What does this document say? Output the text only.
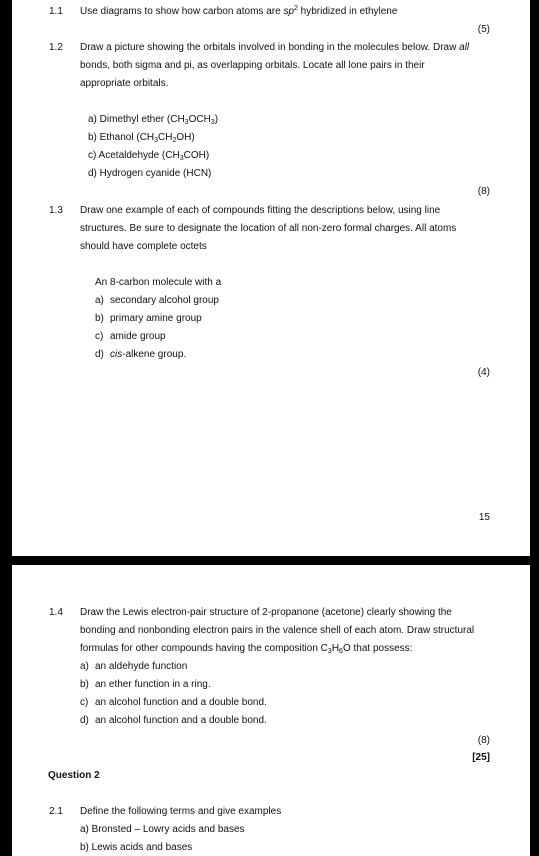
1.1 Use diagrams to show how carbon atoms are $sp^2$ hybridized in ethylene
(5)
1.2 Draw a picture showing the orbitals involved in bonding in the molecules below. Draw all
bonds, both sigma and pi, as overlapping orbitals. Locate all lone pairs in their
appropriate orbitals.
a) Dimethyl ether $(CH_3OCH_3)$
b) Ethanol $(CH_3CH_2OH)$
c) Acetaldehyde $(CH_3COH)$
d) Hydrogen cyanide (HCN)
(8)
1.3 Draw one example of each of compounds fitting the descriptions below, using line
structures. Be sure to designate the location of all non-zero formal charges. All atoms
should have complete octets
An 8-carbon molecule with a
a) secondary alcohol group
b) primary amine group
c) amide group
d) cis-alkene group.
(4)
15
1.4 Draw the Lewis electron-pair structure of 2-propanone (acetone) clearly showing the
bonding and nonbonding electron pairs in the valence shell of each atom. Draw structural
formulas for other compounds having the composition $C_3H_6O$ that possess:
a) an aldehyde function
b) an ether function in a ring.
c) an alcohol function and a double bond.
d) an alcohol function and a double bond.
(8)
[25]
Question 2
2.1 Define the following terms and give examples
a) Bronsted – Lowry acids and bases
b) Lewis acids and bases
